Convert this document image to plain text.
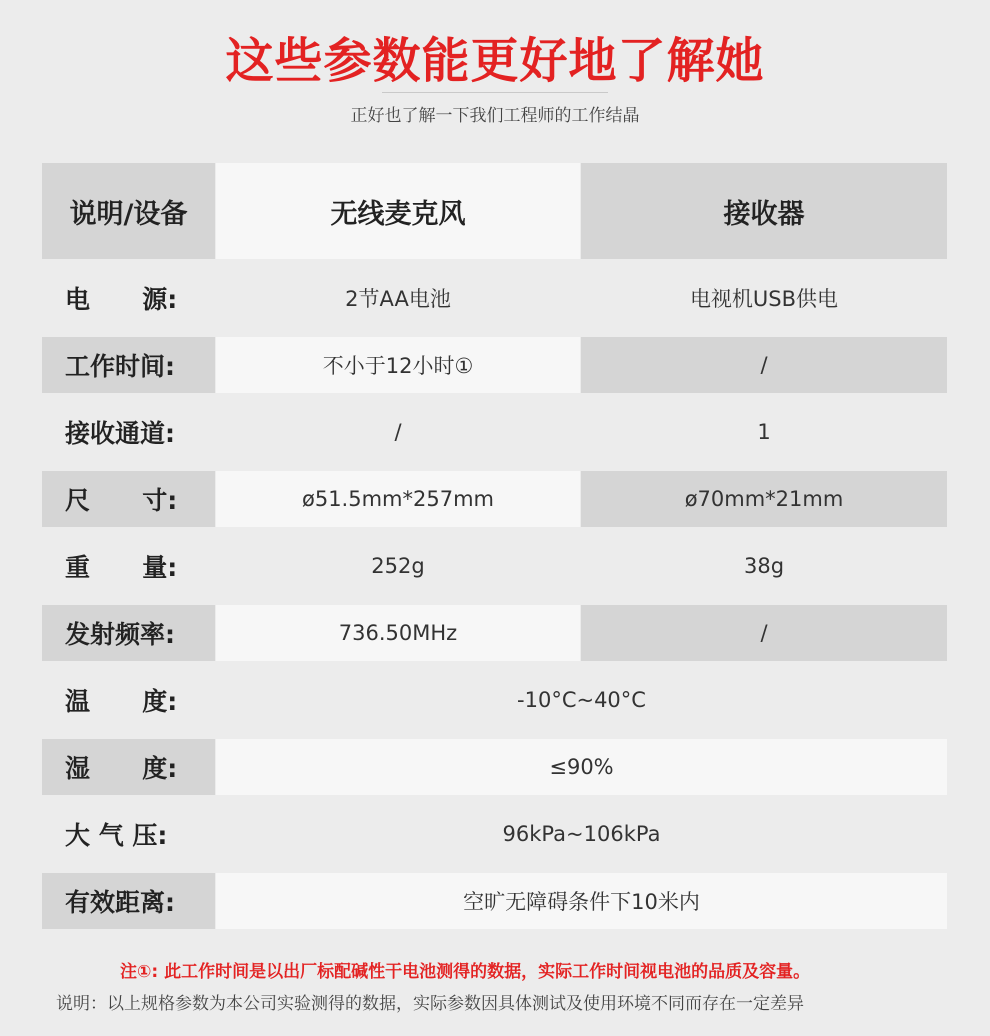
这些参数能更好地了解她
正好也了解一下我们工程师的工作结晶
说明/设备	无线麦克风	接收器
电      源:	2节AA电池	电视机USB供电
工作时间:	不小于12小时①	/
接收通道:	/	1
尺      寸:	ø51.5mm*257mm	ø70mm*21mm
重      量:	252g	38g
发射频率:	736.50MHz	/
温      度:	-10°C~40°C
湿      度:	≤90%
大 气 压:	96kPa~106kPa
有效距离:	空旷无障碍条件下10米内
注①: 此工作时间是以出厂标配碱性干电池测得的数据，实际工作时间视电池的品质及容量。
说明：以上规格参数为本公司实验测得的数据，实际参数因具体测试及使用环境不同而存在一定差异
